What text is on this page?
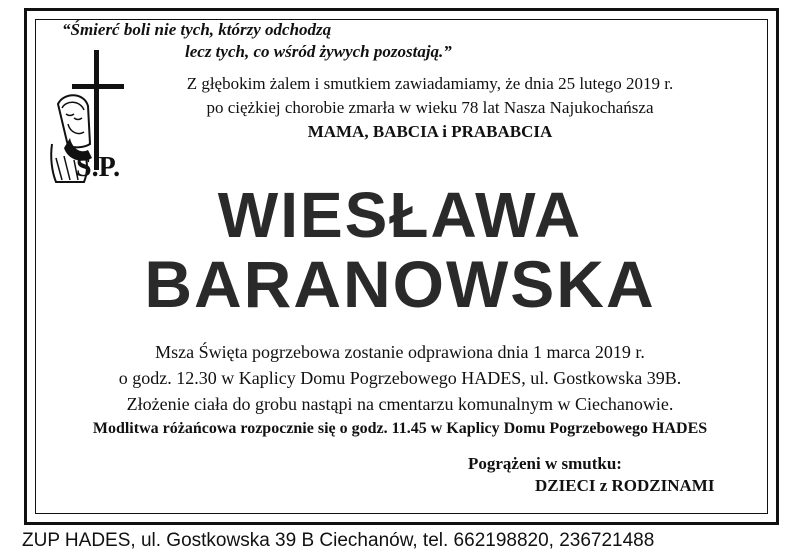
“Śmierć boli nie tych, którzy odchodzą
lecz tych, co wśród żywych pozostają.”
Z głębokim żalem i smutkiem zawiadamiamy, że dnia 25 lutego 2019 r.
po ciężkiej chorobie zmarła w wieku 78 lat Nasza Najukochańsza
MAMA, BABCIA i PRABABCIA
Ś.P.
WIESŁAWA
BARANOWSKA
Msza Święta pogrzebowa zostanie odprawiona dnia 1 marca 2019 r.
o godz. 12.30 w Kaplicy Domu Pogrzebowego HADES, ul. Gostkowska 39B.
Złożenie ciała do grobu nastąpi na cmentarzu komunalnym w Ciechanowie.
Modlitwa różańcowa rozpocznie się o godz. 11.45 w Kaplicy Domu Pogrzebowego HADES
Pogrążeni w smutku:
DZIECI z RODZINAMI
ZUP HADES, ul. Gostkowska 39 B Ciechanów, tel. 662198820, 236721488
